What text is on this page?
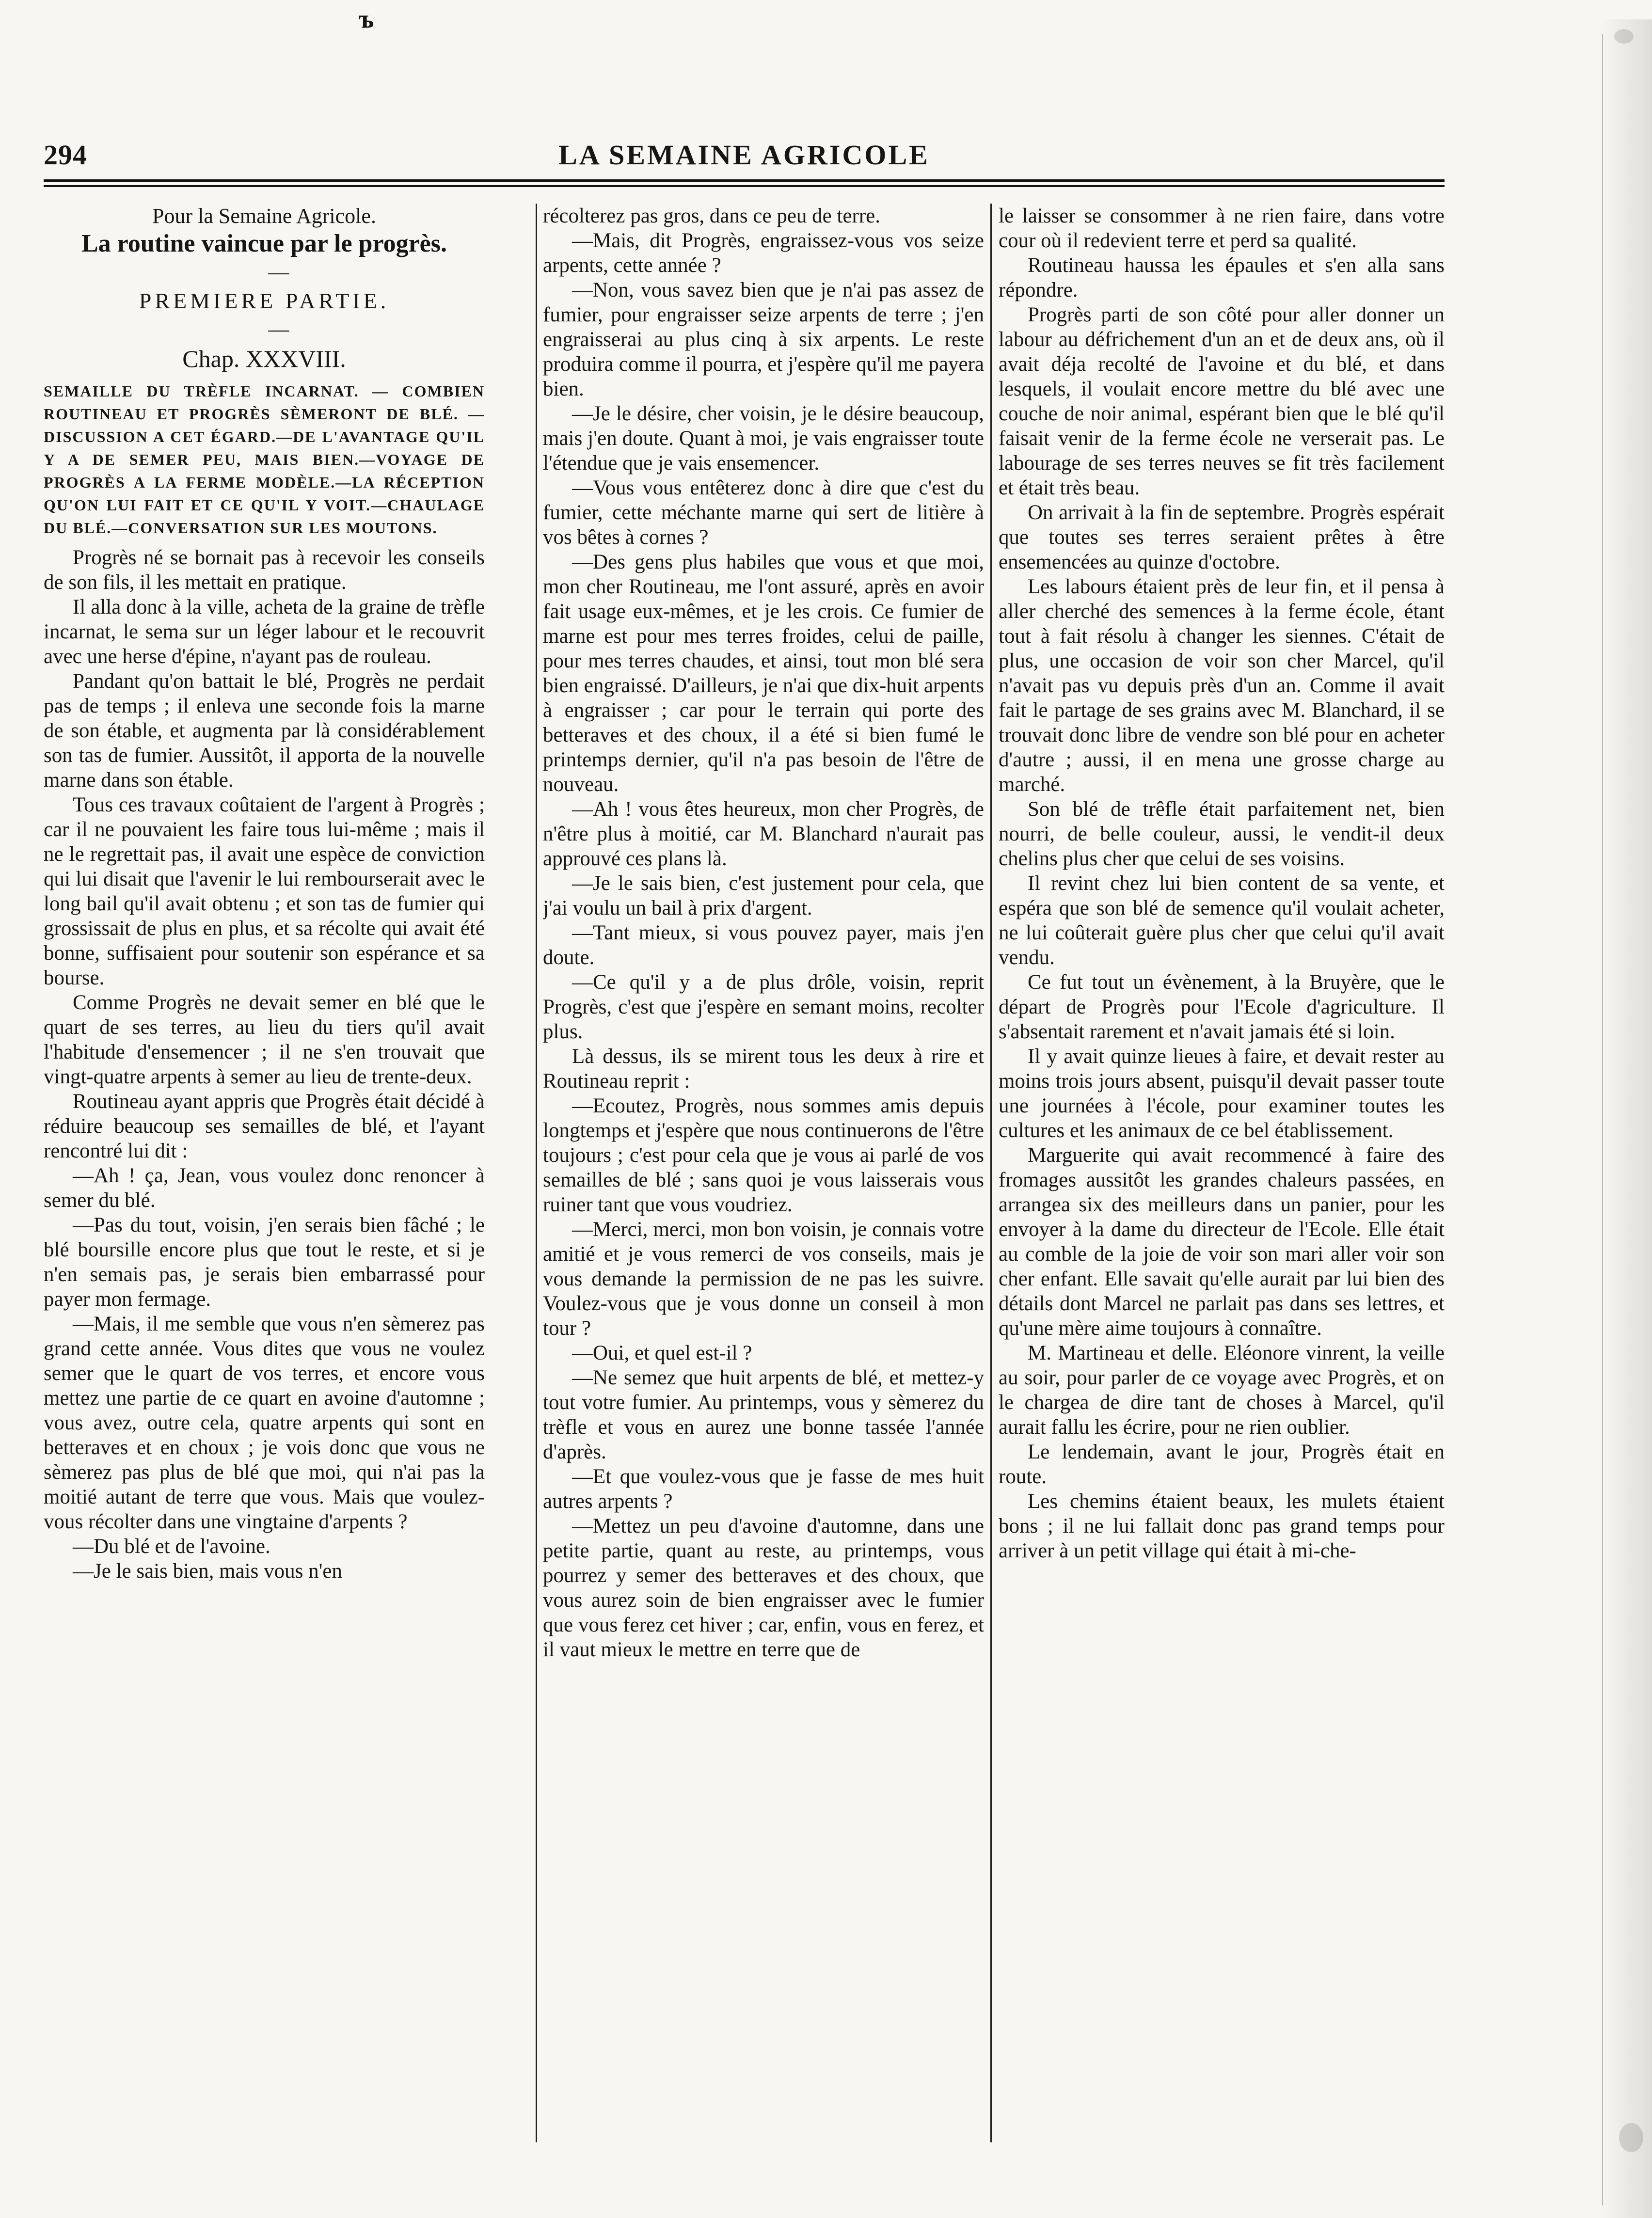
ъ
LA SEMAINE AGRICOLE
294

Pour la Semaine Agricole.

La routine vaincue par le progrès.

—

PREMIERE PARTIE.

—

Chap. XXXVIII.

SEMAILLE DU TRÈFLE INCARNAT. — COMBIEN ROUTINEAU ET PROGRÈS SÈMERONT DE BLÉ. — DISCUSSION A CET ÉGARD.—DE L'AVANTAGE QU'IL Y A DE SEMER PEU, MAIS BIEN.—VOYAGE DE PROGRÈS A LA FERME MODÈLE.—LA RÉCEPTION QU'ON LUI FAIT ET CE QU'IL Y VOIT.—CHAULAGE DU BLÉ.—CONVERSATION SUR LES MOUTONS.

Progrès né se bornait pas à recevoir les conseils de son fils, il les mettait en pratique.

Il alla donc à la ville, acheta de la graine de trèfle incarnat, le sema sur un léger labour et le recouvrit avec une herse d'épine, n'ayant pas de rouleau.

Pandant qu'on battait le blé, Progrès ne perdait pas de temps ; il enleva une seconde fois la marne de son étable, et augmenta par là considérablement son tas de fumier. Aussitôt, il apporta de la nouvelle marne dans son étable.

Tous ces travaux coûtaient de l'argent à Progrès ; car il ne pouvaient les faire tous lui-même ; mais il ne le regrettait pas, il avait une espèce de conviction qui lui disait que l'avenir le lui rembourserait avec le long bail qu'il avait obtenu ; et son tas de fumier qui grossissait de plus en plus, et sa récolte qui avait été bonne, suffisaient pour soutenir son espérance et sa bourse.

Comme Progrès ne devait semer en blé que le quart de ses terres, au lieu du tiers qu'il avait l'habitude d'ensemencer ; il ne s'en trouvait que vingt-quatre arpents à semer au lieu de trente-deux.

Routineau ayant appris que Progrès était décidé à réduire beaucoup ses semailles de blé, et l'ayant rencontré lui dit :

—Ah ! ça, Jean, vous voulez donc renoncer à semer du blé.

—Pas du tout, voisin, j'en serais bien fâché ; le blé boursille encore plus que tout le reste, et si je n'en semais pas, je serais bien embarrassé pour payer mon fermage.

—Mais, il me semble que vous n'en sèmerez pas grand cette année. Vous dites que vous ne voulez semer que le quart de vos terres, et encore vous mettez une partie de ce quart en avoine d'automne ; vous avez, outre cela, quatre arpents qui sont en betteraves et en choux ; je vois donc que vous ne sèmerez pas plus de blé que moi, qui n'ai pas la moitié autant de terre que vous. Mais que voulez-vous récolter dans une vingtaine d'arpents ?

—Du blé et de l'avoine.

—Je le sais bien, mais vous n'en

récolterez pas gros, dans ce peu de terre.

—Mais, dit Progrès, engraissez-vous vos seize arpents, cette année ?

—Non, vous savez bien que je n'ai pas assez de fumier, pour engraisser seize arpents de terre ; j'en engraisserai au plus cinq à six arpents. Le reste produira comme il pourra, et j'espère qu'il me payera bien.

—Je le désire, cher voisin, je le désire beaucoup, mais j'en doute. Quant à moi, je vais engraisser toute l'étendue que je vais ensemencer.

—Vous vous entêterez donc à dire que c'est du fumier, cette méchante marne qui sert de litière à vos bêtes à cornes ?

—Des gens plus habiles que vous et que moi, mon cher Routineau, me l'ont assuré, après en avoir fait usage eux-mêmes, et je les crois. Ce fumier de marne est pour mes terres froides, celui de paille, pour mes terres chaudes, et ainsi, tout mon blé sera bien engraissé. D'ailleurs, je n'ai que dix-huit arpents à engraisser ; car pour le terrain qui porte des betteraves et des choux, il a été si bien fumé le printemps dernier, qu'il n'a pas besoin de l'être de nouveau.

—Ah ! vous êtes heureux, mon cher Progrès, de n'être plus à moitié, car M. Blanchard n'aurait pas approuvé ces plans là.

—Je le sais bien, c'est justement pour cela, que j'ai voulu un bail à prix d'argent.

—Tant mieux, si vous pouvez payer, mais j'en doute.

—Ce qu'il y a de plus drôle, voisin, reprit Progrès, c'est que j'espère en semant moins, recolter plus.

Là dessus, ils se mirent tous les deux à rire et Routineau reprit :

—Ecoutez, Progrès, nous sommes amis depuis longtemps et j'espère que nous continuerons de l'être toujours ; c'est pour cela que je vous ai parlé de vos semailles de blé ; sans quoi je vous laisserais vous ruiner tant que vous voudriez.

—Merci, merci, mon bon voisin, je connais votre amitié et je vous remerci de vos conseils, mais je vous demande la permission de ne pas les suivre. Voulez-vous que je vous donne un conseil à mon tour ?

—Oui, et quel est-il ?

—Ne semez que huit arpents de blé, et mettez-y tout votre fumier. Au printemps, vous y sèmerez du trèfle et vous en aurez une bonne tassée l'année d'après.

—Et que voulez-vous que je fasse de mes huit autres arpents ?

—Mettez un peu d'avoine d'automne, dans une petite partie, quant au reste, au printemps, vous pourrez y semer des betteraves et des choux, que vous aurez soin de bien engraisser avec le fumier que vous ferez cet hiver ; car, enfin, vous en ferez, et il vaut mieux le mettre en terre que de

le laisser se consommer à ne rien faire, dans votre cour où il redevient terre et perd sa qualité.

Routineau haussa les épaules et s'en alla sans répondre.

Progrès parti de son côté pour aller donner un labour au défrichement d'un an et de deux ans, où il avait déja recolté de l'avoine et du blé, et dans lesquels, il voulait encore mettre du blé avec une couche de noir animal, espérant bien que le blé qu'il faisait venir de la ferme école ne verserait pas. Le labourage de ses terres neuves se fit très facilement et était très beau.

On arrivait à la fin de septembre. Progrès espérait que toutes ses terres seraient prêtes à être ensemencées au quinze d'octobre.

Les labours étaient près de leur fin, et il pensa à aller cherché des semences à la ferme école, étant tout à fait résolu à changer les siennes. C'était de plus, une occasion de voir son cher Marcel, qu'il n'avait pas vu depuis près d'un an. Comme il avait fait le partage de ses grains avec M. Blanchard, il se trouvait donc libre de vendre son blé pour en acheter d'autre ; aussi, il en mena une grosse charge au marché.

Son blé de trêfle était parfaitement net, bien nourri, de belle couleur, aussi, le vendit-il deux chelins plus cher que celui de ses voisins.

Il revint chez lui bien content de sa vente, et espéra que son blé de semence qu'il voulait acheter, ne lui coûterait guère plus cher que celui qu'il avait vendu.

Ce fut tout un évènement, à la Bruyère, que le départ de Progrès pour l'Ecole d'agriculture. Il s'absentait rarement et n'avait jamais été si loin.

Il y avait quinze lieues à faire, et devait rester au moins trois jours absent, puisqu'il devait passer toute une journées à l'école, pour examiner toutes les cultures et les animaux de ce bel établissement.

Marguerite qui avait recommencé à faire des fromages aussitôt les grandes chaleurs passées, en arrangea six des meilleurs dans un panier, pour les envoyer à la dame du directeur de l'Ecole. Elle était au comble de la joie de voir son mari aller voir son cher enfant. Elle savait qu'elle aurait par lui bien des détails dont Marcel ne parlait pas dans ses lettres, et qu'une mère aime toujours à connaître.

M. Martineau et delle. Eléonore vinrent, la veille au soir, pour parler de ce voyage avec Progrès, et on le chargea de dire tant de choses à Marcel, qu'il aurait fallu les écrire, pour ne rien oublier.

Le lendemain, avant le jour, Progrès était en route.

Les chemins étaient beaux, les mulets étaient bons ; il ne lui fallait donc pas grand temps pour arriver à un petit village qui était à mi-che-
